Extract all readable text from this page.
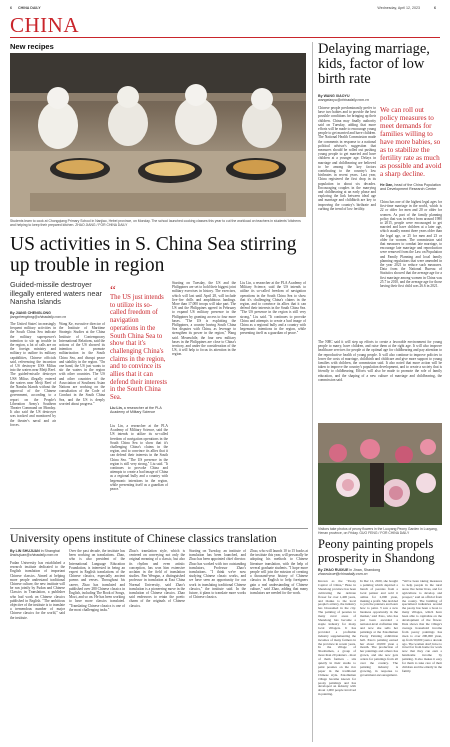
6 CHINA DAILY	Wednesday, April 12, 2023	6
CHINA
New recipes
Students learn to cook at Chongqiang Primary School in Nanjiao, Hebei province, on Monday. The school launched cooking classes this year to cut the workload on teachers in students' kitchens and helping to keep their prepared kitchen. ZHAO JIANG / FOR CHINA DAILY
Delaying marriage, kids, factor of low birth rate
By WANG XIAOYU
wangxiaoyu@chinadaily.com.cn
Chinese people predominantly prefer to have two babies and to provide the best possible conditions for bringing up their children. China may finally authority said on Tuesday, adding that more efforts will be made to encourage young people to get married and have children. The National Health Commission made the comments in response to a national political advisor's suggestion that measures should be rolled out pushing young people to get married and have children at a younger age. Delays in marriage and childbearing are believed to be among the key factors contributing to the country's low birthrates in recent years. Last year, China registered the first drop in its population in about six decades. Encouraging couples in the marrying and childbearing at an early phase and exploring the link between ideal age and marriage and childbirth are key to improving the country's birthrate and curbing the trend of low fertility.
China has one of the highest legal ages for first-time marriage in the world, which is 22 or older for men and 20 or older for women. As part of the family planning policy that was in effect from around 1980 to 2015, people were encouraged to get married and have children at a later age, which usually meant three years older than the legal age, or 25 for men and 23 or older for women. The commission said that measures to combat late marriage, to encourage late marriage and reproduction were removed from the Law on Population and Family Planning and local family planning regulations that were amended in the year 2021 to reduce such measures. Data from the National Bureau of Statistics showed that the average age for a first marriage among women in China was 25.7 in 2010, and the average age for those having their first child was 26.6 in 2021.
We can roll out policy measures to meet demands for families willing to have more babies, so as to stabilize the fertility rate as much as possible and avoid a sharp decline.
He Dan, head of the China Population and Development Research Center
The NHC said it will step up efforts to create a favorable environment for young people to marry, have children, and raise them at the right age. It will also improve healthcare services for people at the optimal age for childbearing and pay attention to the reproductive health of young people. It will also continue to improve policies to lower the costs of marriage, childbirth and childcare and give more support to young families with children, the commission said. It also noted that more action will be taken to improve the country's population development, and to create a society that is friendly to childbearing. Efforts will also be made to promote the role of family education, and the shaping of a new culture of marriage and childbearing, the commission said.
Visitors take photos of peony flowers in the Luoyang Peony Garden in Luoyang, Henan province, on Friday. GUO FENG / FOR CHINA DAILY
Peony painting propels prosperity in Shandong
By ZHAO RUIXUE in Jinan, Shandong
zhaoruixue@chinadaily.com.cn
Known as the "Peony Capital of China," Heze in Shandong province has been cultivating the delicate flower for over 1,400 years, and thanks to the local people's artistry, the industry has blossomed in the city. The painting of peonies in many rural areas of Shandong has become a staple industry for many local villagers. It has provided a profitable industry supplementing the incomes of many farmers in the province in recent years. In the village of Xiaoliumen, a group of more than 20 painters - most of them farmers - sits quietly in their studio to paint peonies on the rice paper in the traditional Chinese style. Xiaoliumen village became known for peony paintings and has developed an industry with about 1,000 people involved in painting.
In Dec 12, 2020, she bought a painting which depicted a bunch of peonies from a local painter and sold it online for 2,000 yuan, making a profit. She decided to join the painters and learn how to paint. 'I saw a new business opportunity in the market,' said Xiao, who has just been awarded a national-level craftsman title and now she sells her paintings at the Xiaoliumen Peony Painting exhibition hall. Xiao's painting earned her about 10,000 yuan a month. The production of her paintings and others has grown, and she now gets orders for paintings from all over the country. The painting industry is growing, in response to government encouragement.
"We've been taking measures to help people in the rural areas live better lives, and for agriculture to develop and prosper," said an official from the county. The building of specialized industries around the peony has been a boon to many villages, which have been able to capitalize on the development of the flower. Data shows that the village's average household income from peony paintings has risen to over 200,000 yuan, up from 50,000 yuan a decade ago. The women don't have to travel far from home for work now that they can earn a handsome income by painting. It also makes it easy for them to take care of their children and the elderly in the family.
US activities in S. China Sea stirring up trouble in region
Guided-missile destroyer illegally entered waters near Nansha Islands
By JIANG CHENGLONG
jiangchenglong@chinadaily.com.cn
The United States' increasingly frequent military activities in the South China Sea indicate the military superpower's intention to stir up trouble in the region, a lot of calls are on the foreign ministry and military to outline its military capabilities, Chinese officials said, referencing the incursion of US destroyer USS Milius into the waters near Meiji Reef. The guided-missile destroyer USS Milius illegally entered the waters near Meiji Reef of the Nansha Islands without the approval of the Chinese government, according to a report on the People's Liberation Army's Southern Theater Command on Monday. It also said the US destroyer was tracked and monitored by the theater's naval and air forces.
Wang Ke, executive director of the Institute of Maritime Strategic Studies at the China Institute of Contemporary International Relations, said the actions of the US showed its intention to promote militarization in the South China Sea, and disrupt peace and stability in the region. "On one hand, the US just wants to stir the waters in the region with other countries. The US and other countries of the Association of Southeast Asian Nations are working on the consultation of the Code of Conduct in the South China Sea, and the US is deeply worried about progress."
“
The US just intends to utilize its so-called freedom of navigation operations in the South China Sea to show that it's challenging China's claims in the region, and to convince its allies that it can defend their interests in the South China Sea.
Liu Lin, a researcher at the PLA Academy of Military Science
Liu Lin, a researcher at the PLA Academy of Military Science, said the US intends to utilize its so-called freedom of navigation operations in the South China Sea to show that it's challenging China's claims in the region, and to convince its allies that it can defend their interests in the South China Sea. "The US presence in the region is still very strong," Liu said. "It continues to provoke China and attempts to create a bad image of China as a regional bully and a country with hegemonic intentions in the region, while presenting itself as a guardian of peace."
Starting on Tuesday, the US and the Philippines are set to hold their biggest joint military exercises in history. The exercises, which will last until April 28, will include live-fire drills and amphibious landings. More than 17,000 troops will take part. The US and the Philippines agreed in February to expand US military presence in the Philippines by granting access to four more bases. "The US is exploiting the Philippines, a country having South China Sea disputes with China, as leverage to strengthen its power in the region," Wang said. Meanwhile, the four new military bases in the Philippines are close to China's territory, and under the consideration of the US, it will help to focus its attention in the region.
Liu Lin, a researcher at the PLA Academy of Military Science, said the US intends to utilize its so-called freedom of navigation operations in the South China Sea to show that it's challenging China's claims in the region, and to convince its allies that it can defend their interests in the South China Sea. "The US presence in the region is still very strong," Liu said. "It continues to provoke China and attempts to create a bad image of China as a regional bully and a country with hegemonic intentions in the region, while presenting itself as a guardian of peace."
University opens institute of Chinese classics translation
By LIN SHUJUAN in Shanghai
linshujuan@chinadaily.com.cn
Fudan University has established a research institute dedicated to the English translation of important Chinese classics. Aimed at helping more people understand traditional Chinese culture, the new institute will be run jointly by Fudan and Chinese Classics in Translation, a publisher who had work on Chinese classics published in English. "The ambitious objective of the institute is to translate a tremendous number of major Chinese classics for the world," said the institute.
Over the past decade, the institute has been working on translations. Zhao, who is also president of the International Language Education Foundation, is interested in being an expert in English translations of the Chinese classics, especially ancient poems and verses. Throughout his career, Zhao has translated and published over 280 Chinese classics in English, including The Book of Songs, Mozi, and so on. He has been working to have more classics translated. "Translating Chinese classics is one of the most challenging tasks."
Zhao's translation style, which is centered on conveying not only the original meaning of a classic, but also its rhythm and even artistic conception, has won him extensive acclaim in the field of translation studies. Pan Wenguo, a distinguished professor in translation at East China Normal University, said Zhao's translation is a pioneering move in the translation of Chinese classics. Zhao said endeavors to retain the poetic charm of the originals of Chinese classics.
Starting on Tuesday, an institute of translation has been launched, and Zhao has been appointed chief director. Zhao has worked with two outstanding translators, Professor Zhao's translations. "I think we're now studying Chinese classic works, and we have seen an opportunity for our work in translating traditional Chinese classics," the institute said. In the future, it plans to translate more works of Chinese classics.
Zhao, who will launch 10 to 15 books at the institute this year, will personally be adopting his methods to Chinese literature translation, with the help of several graduate students. "I hope more people will join the mission of creating a thousand-year history of Chinese classics in English to help foreigners gain a real understanding of Chinese culture," said Zhao, adding that many translators are needed for the work.
